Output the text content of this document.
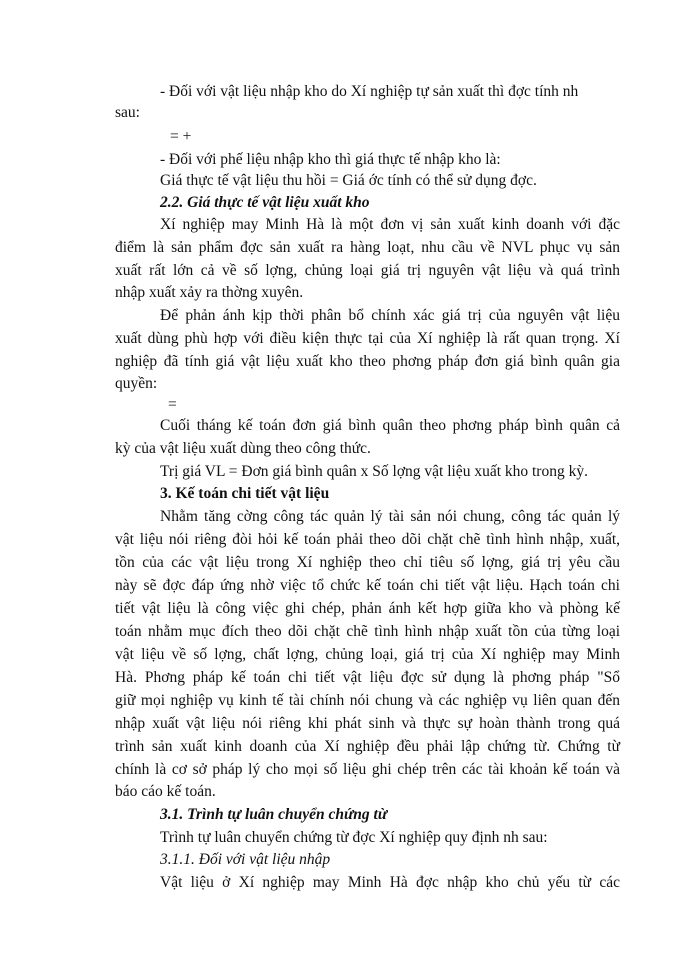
- Đối với vật liệu nhập kho do Xí nghiệp tự sản xuất thì đợc tính nh
sau:
= +
- Đối với phế liệu nhập kho thì giá thực tế nhập kho là:
Giá thực tế vật liệu thu hồi = Giá ớc tính có thể sử dụng đợc.
2.2. Giá thực tế vật liệu xuất kho
Xí nghiệp may Minh Hà là một đơn vị sản xuất kinh doanh với đặc
điểm là sản phẩm đợc sản xuất ra hàng loạt, nhu cầu về NVL phục vụ sản
xuất rất lớn cả về số lợng, chủng loại giá trị nguyên vật liệu và quá trình
nhập xuất xảy ra thờng xuyên.
Để phản ánh kịp thời phân bổ chính xác giá trị của nguyên vật liệu
xuất dùng phù hợp với điều kiện thực tại của Xí nghiệp là rất quan trọng. Xí
nghiệp đã tính giá vật liệu xuất kho theo phơng pháp đơn giá bình quân gia
quyền:
=
Cuối tháng kế toán đơn giá bình quân theo phơng pháp bình quân cả
kỳ của vật liệu xuất dùng theo công thức.
Trị giá VL = Đơn giá bình quân x Số lợng vật liệu xuất kho trong kỳ.
3. Kế toán chi tiết vật liệu
Nhằm tăng cờng công tác quản lý tài sản nói chung, công tác quản lý
vật liệu nói riêng đòi hỏi kế toán phải theo dõi chặt chẽ tình hình nhập, xuất,
tồn của các vật liệu trong Xí nghiệp theo chỉ tiêu số lợng, giá trị yêu cầu
này sẽ đợc đáp ứng nhờ việc tổ chức kế toán chi tiết vật liệu. Hạch toán chi
tiết vật liệu là công việc ghi chép, phản ánh kết hợp giữa kho và phòng kế
toán nhằm mục đích theo dõi chặt chẽ tình hình nhập xuất tồn của từng loại
vật liệu về số lợng, chất lợng, chủng loại, giá trị của Xí nghiệp may Minh
Hà. Phơng pháp kế toán chi tiết vật liệu đợc sử dụng là phơng pháp "Sổ
giữ mọi nghiệp vụ kinh tế tài chính nói chung và các nghiệp vụ liên quan đến
nhập xuất vật liệu nói riêng khi phát sinh và thực sự hoàn thành trong quá
trình sản xuất kinh doanh của Xí nghiệp đều phải lập chứng từ. Chứng từ
chính là cơ sở pháp lý cho mọi số liệu ghi chép trên các tài khoản kế toán và
báo cáo kế toán.
3.1. Trình tự luân chuyển chứng từ
Trình tự luân chuyển chứng từ đợc Xí nghiệp quy định nh sau:
3.1.1. Đối với vật liệu nhập
Vật liệu ở Xí nghiệp may Minh Hà đợc nhập kho chủ yếu từ các
